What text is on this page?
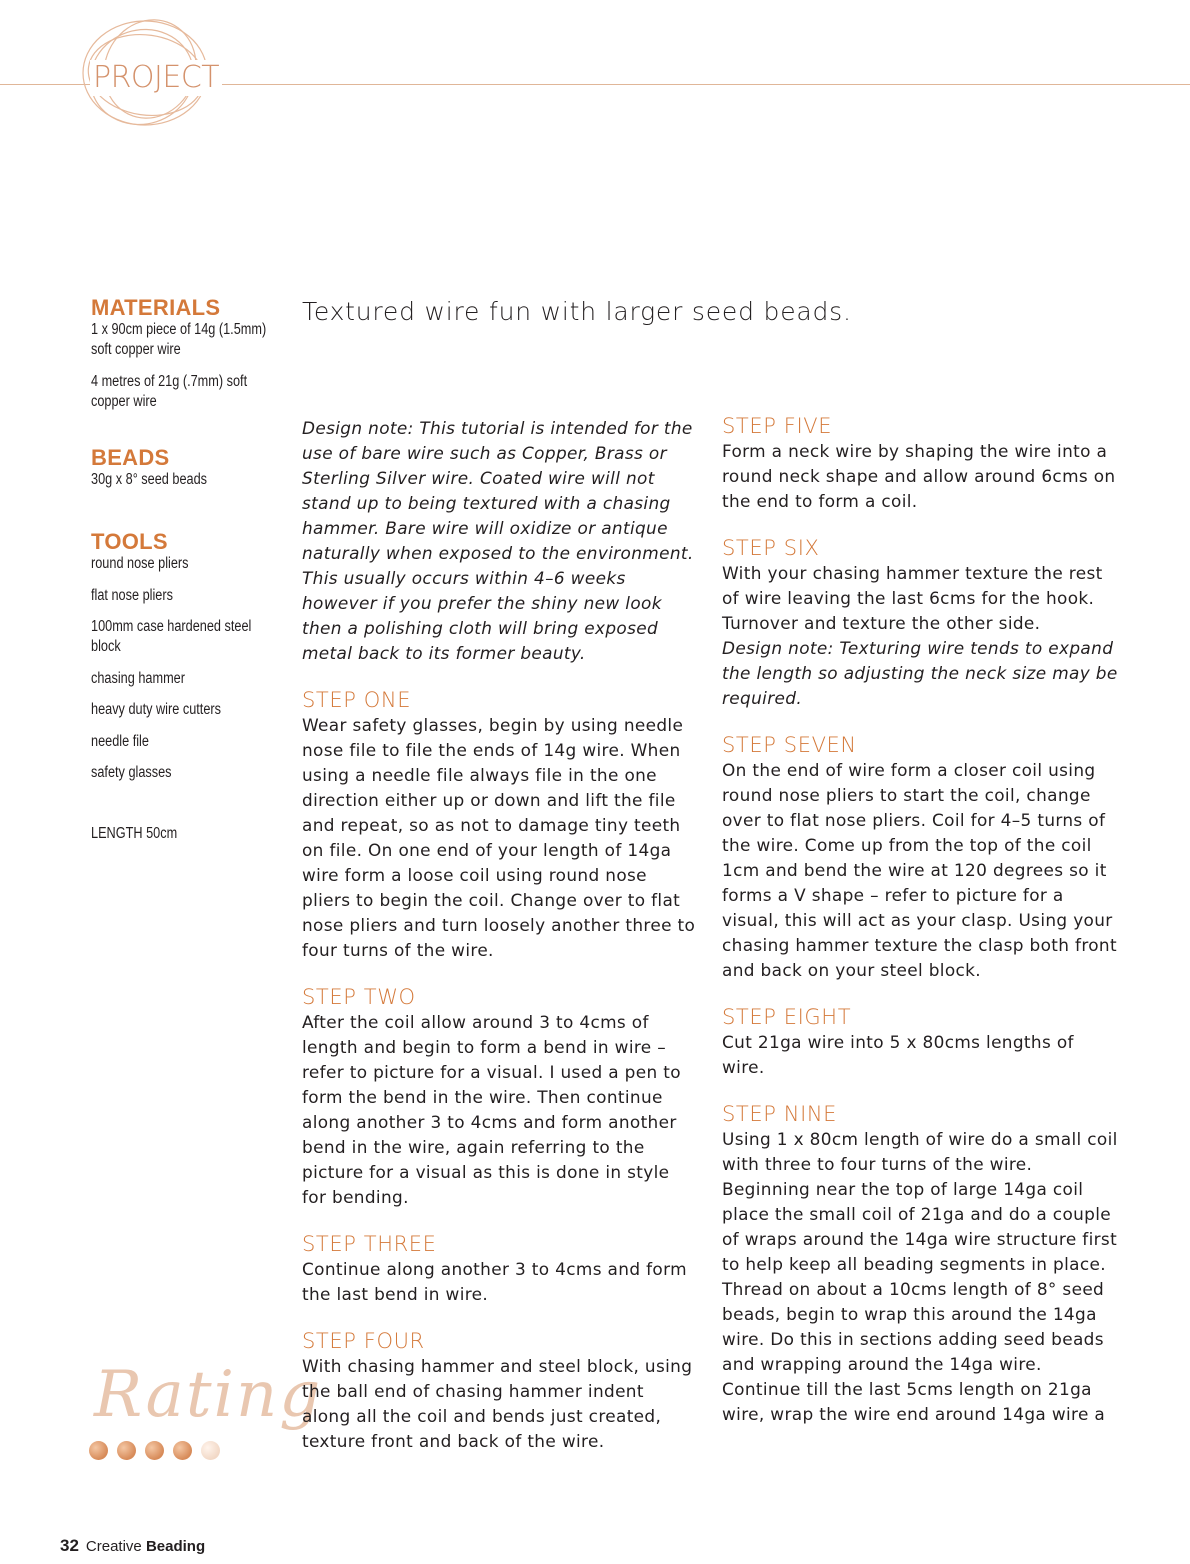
PROJECT
MATERIALS
1 x 90cm piece of 14g (1.5mm) soft copper wire
4 metres of 21g (.7mm) soft copper wire
BEADS
30g x 8° seed beads
TOOLS
round nose pliers
flat nose pliers
100mm case hardened steel block
chasing hammer
heavy duty wire cutters
needle file
safety glasses
LENGTH 50cm
Rating
Textured wire fun with larger seed beads.

Design note: This tutorial is intended for the use of bare wire such as Copper, Brass or Sterling Silver wire. Coated wire will not stand up to being textured with a chasing hammer. Bare wire will oxidize or antique naturally when exposed to the environment. This usually occurs within 4–6 weeks however if you prefer the shiny new look then a polishing cloth will bring exposed metal back to its former beauty.

STEP ONE

Wear safety glasses, begin by using needle nose file to file the ends of 14g wire. When using a needle file always file in the one direction either up or down and lift the file and repeat, so as not to damage tiny teeth on file. On one end of your length of 14ga wire form a loose coil using round nose pliers to begin the coil. Change over to flat nose pliers and turn loosely another three to four turns of the wire.

STEP TWO

After the coil allow around 3 to 4cms of length and begin to form a bend in wire – refer to picture for a visual. I used a pen to form the bend in the wire. Then continue along another 3 to 4cms and form another bend in the wire, again referring to the picture for a visual as this is done in style for bending.

STEP THREE

Continue along another 3 to 4cms and form the last bend in wire.

STEP FOUR

With chasing hammer and steel block, using the ball end of chasing hammer indent along all the coil and bends just created, texture front and back of the wire.

STEP FIVE

Form a neck wire by shaping the wire into a round neck shape and allow around 6cms on the end to form a coil.

STEP SIX

With your chasing hammer texture the rest of wire leaving the last 6cms for the hook. Turnover and texture the other side.

Design note: Texturing wire tends to expand the length so adjusting the neck size may be required.

STEP SEVEN

On the end of wire form a closer coil using round nose pliers to start the coil, change over to flat nose pliers. Coil for 4–5 turns of the wire. Come up from the top of the coil 1cm and bend the wire at 120 degrees so it forms a V shape – refer to picture for a visual, this will act as your clasp. Using your chasing hammer texture the clasp both front and back on your steel block.

STEP EIGHT

Cut 21ga wire into 5 x 80cms lengths of wire.

STEP NINE

Using 1 x 80cm length of wire do a small coil with three to four turns of the wire. Beginning near the top of large 14ga coil place the small coil of 21ga and do a couple of wraps around the 14ga wire structure first to help keep all beading segments in place. Thread on about a 10cms length of 8° seed beads, begin to wrap this around the 14ga wire. Do this in sections adding seed beads and wrapping around the 14ga wire. Continue till the last 5cms length on 21ga wire, wrap the wire end around 14ga wire a

32 Creative Beading
